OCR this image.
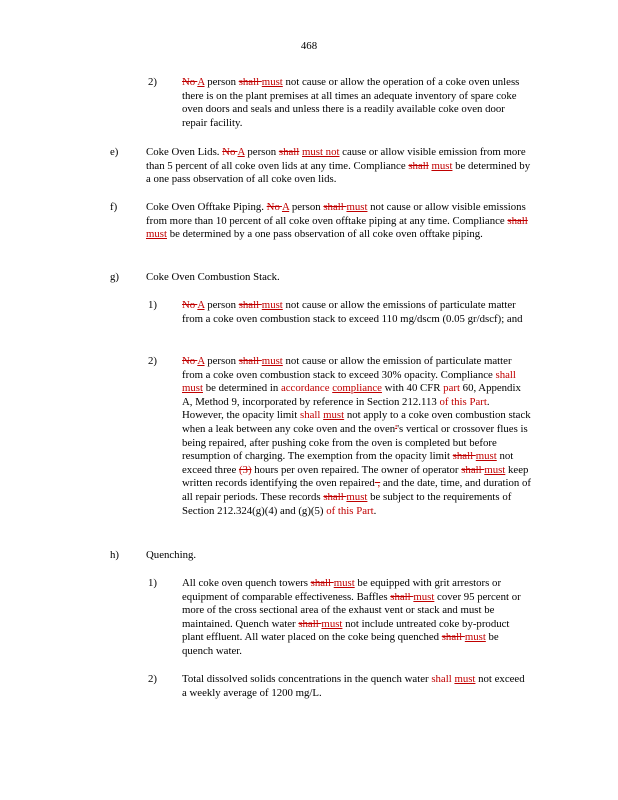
468
2) No A person shall must not cause or allow the operation of a coke oven unless there is on the plant premises at all times an adequate inventory of spare coke oven doors and seals and unless there is a readily available coke oven door repair facility.

e)	Coke Oven Lids. No A person shall must not cause or allow visible emission from more than 5 percent of all coke oven lids at any time. Compliance shall must be determined by a one pass observation of all coke oven lids.

f)	Coke Oven Offtake Piping. No A person shall must not cause or allow visible emissions from more than 10 percent of all coke oven offtake piping at any time. Compliance shall must be determined by a one pass observation of all coke oven offtake piping.

g)	Coke Oven Combustion Stack.

1) No A person shall must not cause or allow the emissions of particulate matter from a coke oven combustion stack to exceed 110 mg/dscm (0.05 gr/dscf); and

2) No A person shall must not cause or allow the emission of particulate matter from a coke oven combustion stack to exceed 30% opacity. Compliance shall must be determined in accordance compliance with 40 CFR part 60, Appendix A, Method 9, incorporated by reference in Section 212.113 of this Part. However, the opacity limit shall must not apply to a coke oven combustion stack when a leak between any coke oven and the oven''s vertical or crossover flues is being repaired, after pushing coke from the oven is completed but before resumption of charging. The exemption from the opacity limit shall must not exceed three (3) hours per oven repaired. The owner of operator shall must keep written records identifying the oven repaired , and the date, time, and duration of all repair periods. These records shall must be subject to the requirements of Section 212.324(g)(4) and (g)(5) of this Part.

h)	Quenching.

1) All coke oven quench towers shall must be equipped with grit arrestors or equipment of comparable effectiveness. Baffles shall must cover 95 percent or more of the cross sectional area of the exhaust vent or stack and must be maintained. Quench water shall must not include untreated coke by-product plant effluent. All water placed on the coke being quenched shall must be quench water.

2) Total dissolved solids concentrations in the quench water shall must not exceed a weekly average of 1200 mg/L.
